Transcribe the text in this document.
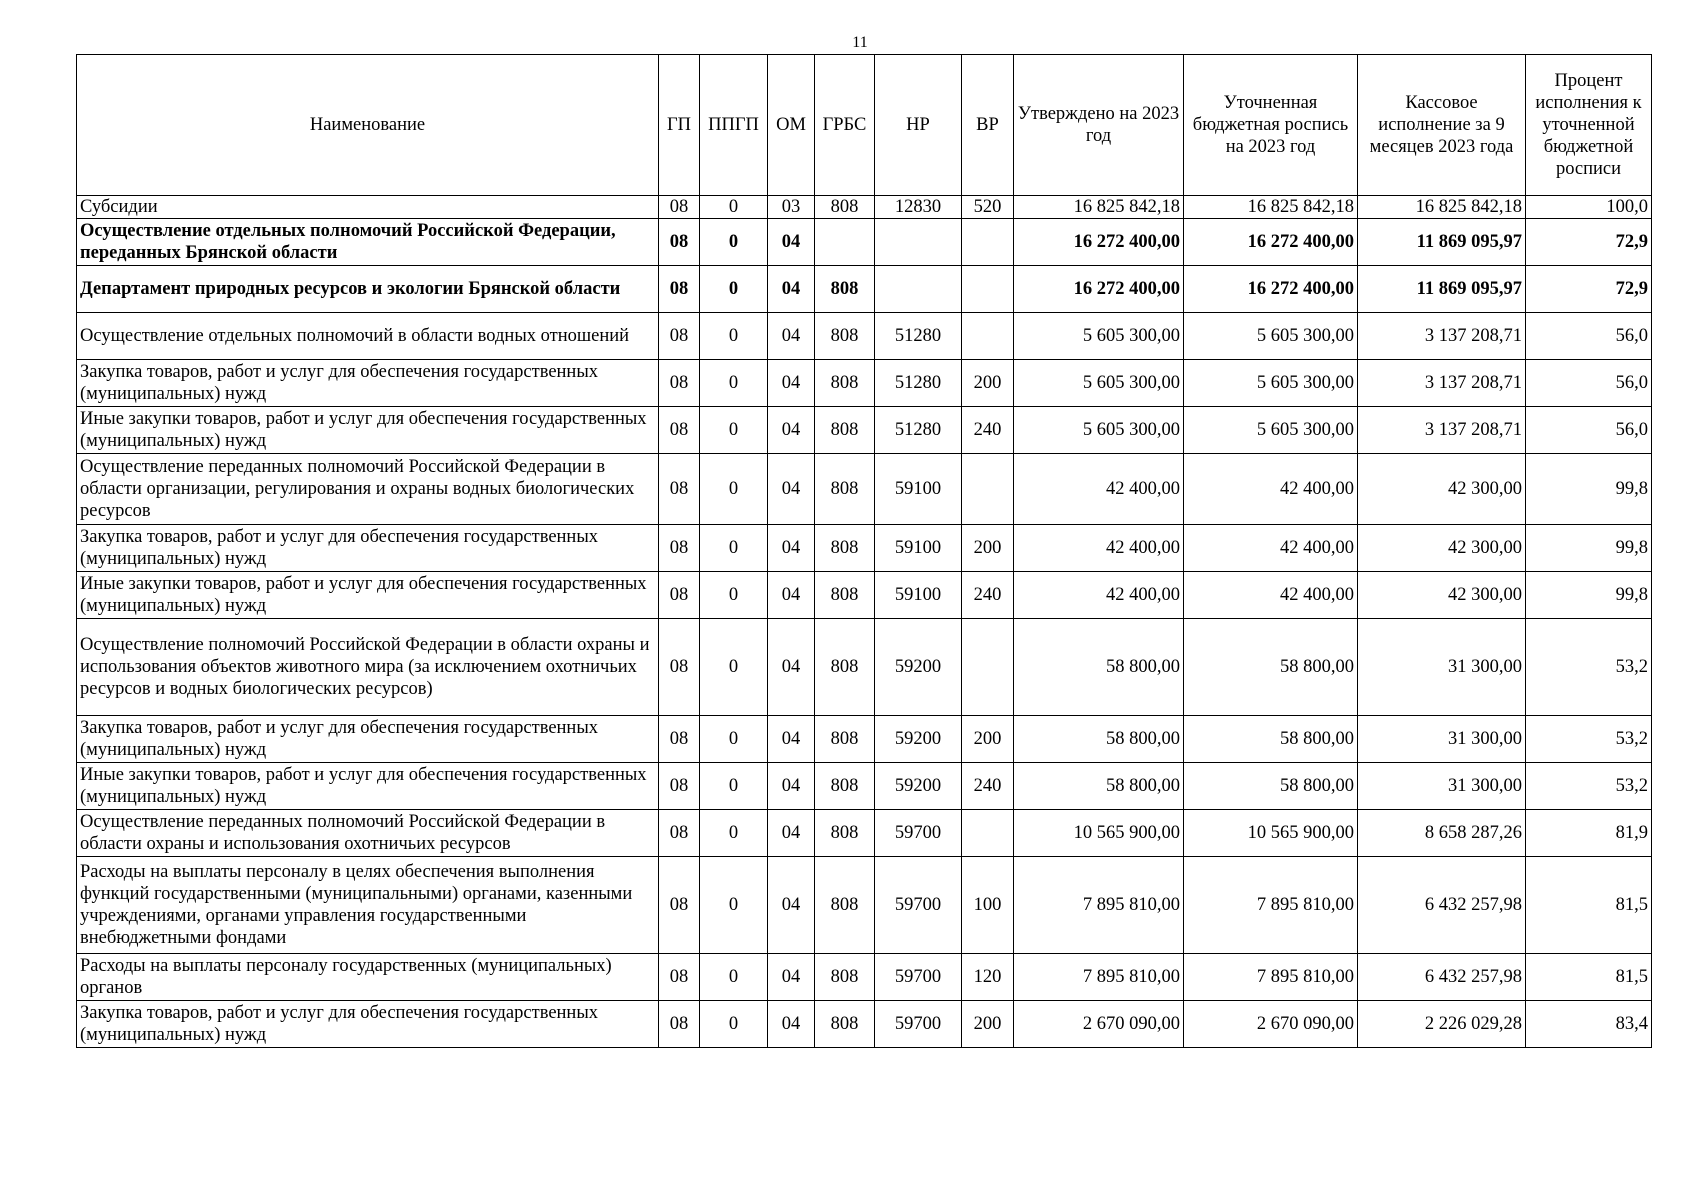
11
Наименование	ГП	ППГП	ОМ	ГРБС	НР	ВР	Утверждено на 2023 год	Уточненная бюджетная роспись на 2023 год	Кассовое исполнение за 9 месяцев 2023 года	Процент исполнения к уточненной бюджетной росписи
Субсидии	08	0	03	808	12830	520	16 825 842,18	16 825 842,18	16 825 842,18	100,0
Осуществление отдельных полномочий Российской Федерации, переданных Брянской области	08	0	04				16 272 400,00	16 272 400,00	11 869 095,97	72,9
Департамент природных ресурсов и экологии Брянской области	08	0	04	808			16 272 400,00	16 272 400,00	11 869 095,97	72,9
Осуществление отдельных полномочий в области водных отношений	08	0	04	808	51280		5 605 300,00	5 605 300,00	3 137 208,71	56,0
Закупка товаров, работ и услуг для обеспечения государственных (муниципальных) нужд	08	0	04	808	51280	200	5 605 300,00	5 605 300,00	3 137 208,71	56,0
Иные закупки товаров, работ и услуг для обеспечения государственных (муниципальных) нужд	08	0	04	808	51280	240	5 605 300,00	5 605 300,00	3 137 208,71	56,0
Осуществление переданных полномочий Российской Федерации в области организации, регулирования и охраны водных биологических ресурсов	08	0	04	808	59100		42 400,00	42 400,00	42 300,00	99,8
Закупка товаров, работ и услуг для обеспечения государственных (муниципальных) нужд	08	0	04	808	59100	200	42 400,00	42 400,00	42 300,00	99,8
Иные закупки товаров, работ и услуг для обеспечения государственных (муниципальных) нужд	08	0	04	808	59100	240	42 400,00	42 400,00	42 300,00	99,8
Осуществление полномочий Российской Федерации в области охраны и использования объектов животного мира (за исключением охотничьих ресурсов и водных биологических ресурсов)	08	0	04	808	59200		58 800,00	58 800,00	31 300,00	53,2
Закупка товаров, работ и услуг для обеспечения государственных (муниципальных) нужд	08	0	04	808	59200	200	58 800,00	58 800,00	31 300,00	53,2
Иные закупки товаров, работ и услуг для обеспечения государственных (муниципальных) нужд	08	0	04	808	59200	240	58 800,00	58 800,00	31 300,00	53,2
Осуществление переданных полномочий Российской Федерации в области охраны и использования охотничьих ресурсов	08	0	04	808	59700		10 565 900,00	10 565 900,00	8 658 287,26	81,9
Расходы на выплаты персоналу в целях обеспечения выполнения функций государственными (муниципальными) органами, казенными учреждениями, органами управления государственными внебюджетными фондами	08	0	04	808	59700	100	7 895 810,00	7 895 810,00	6 432 257,98	81,5
Расходы на выплаты персоналу государственных (муниципальных) органов	08	0	04	808	59700	120	7 895 810,00	7 895 810,00	6 432 257,98	81,5
Закупка товаров, работ и услуг для обеспечения государственных (муниципальных) нужд	08	0	04	808	59700	200	2 670 090,00	2 670 090,00	2 226 029,28	83,4
